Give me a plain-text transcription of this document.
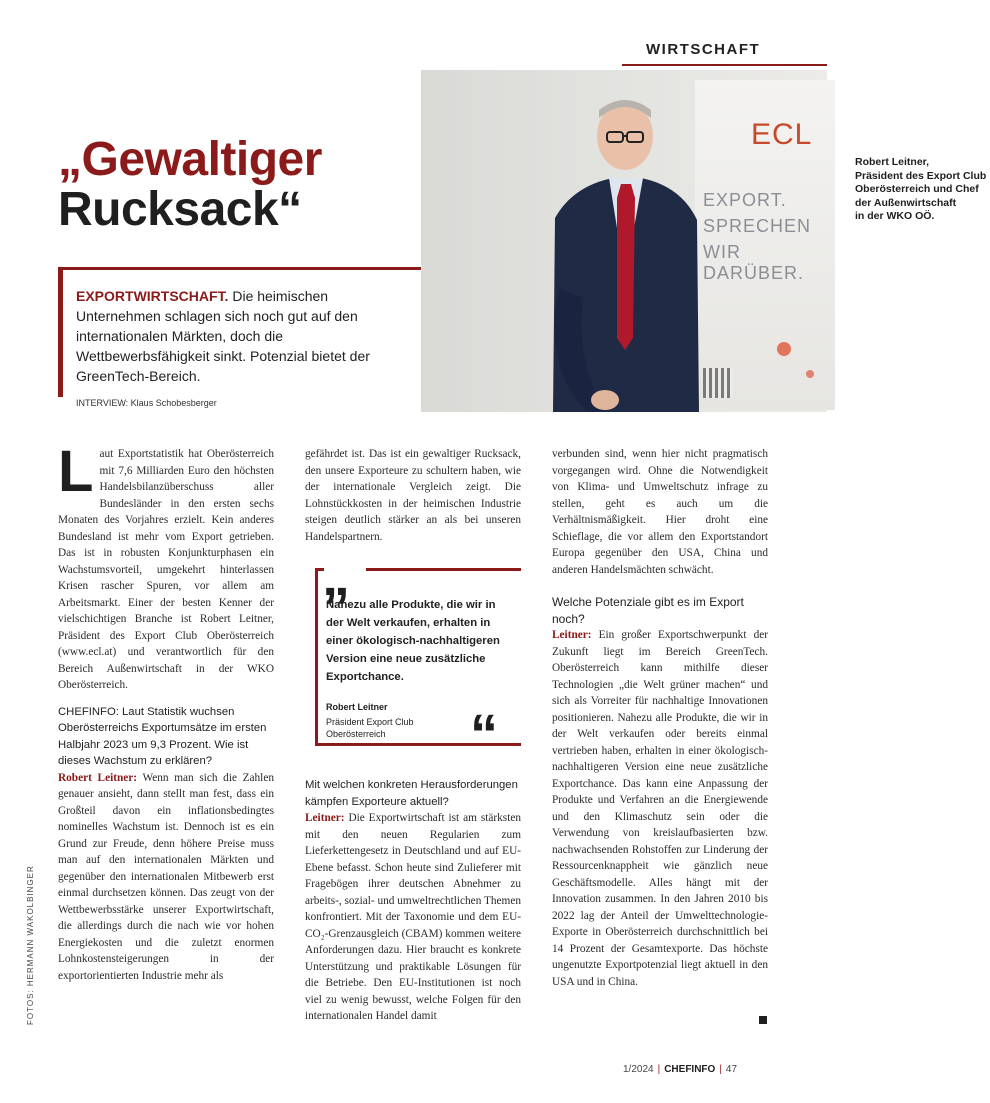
WIRTSCHAFT
ECL
EXPORT.
SPRECHEN
WIR DARÜBER.
Robert Leitner,
Präsident des Export Club
Oberösterreich und Chef
der Außenwirtschaft
in der WKO OÖ.
„Gewaltiger
Rucksack“
EXPORTWIRTSCHAFT. Die heimischen Unternehmen schlagen sich noch gut auf den internationalen Märkten, doch die Wettbewerbsfähigkeit sinkt. Potenzial bietet der GreenTech-Bereich.
INTERVIEW: Klaus Schobesberger

Laut Exportstatistik hat Oberösterreich mit 7,6 Milliarden Euro den höchsten Handelsbilanzüberschuss aller Bundesländer in den ersten sechs Monaten des Vorjahres erzielt. Kein anderes Bundesland ist mehr vom Export getrieben. Das ist in robusten Konjunkturphasen ein Wachstumsvorteil, umgekehrt hinterlassen Krisen rascher Spuren, vor allem am Arbeitsmarkt. Einer der besten Kenner der vielschichtigen Branche ist Robert Leitner, Präsident des Export Club Oberösterreich (www.ecl.at) und verantwortlich für den Bereich Außenwirtschaft in der WKO Oberösterreich.

CHEFINFO: Laut Statistik wuchsen Oberösterreichs Exportumsätze im ersten Halbjahr 2023 um 9,3 Prozent. Wie ist dieses Wachstum zu erklären?

Robert Leitner: Wenn man sich die Zahlen genauer ansieht, dann stellt man fest, dass ein Großteil davon ein inflationsbedingtes nominelles Wachstum ist. Dennoch ist es ein Grund zur Freude, denn höhere Preise muss man auf den internationalen Märkten und gegenüber den internationalen Mitbewerb erst einmal durchsetzen können. Das zeugt von der Wettbewerbsstärke unserer Exportwirtschaft, die allerdings durch die nach wie vor hohen Energiekosten und die zuletzt enormen Lohnkostensteigerungen in der exportorientierten Industrie mehr als

gefährdet ist. Das ist ein gewaltiger Rucksack, den unsere Exporteure zu schultern haben, wie der internationale Vergleich zeigt. Die Lohnstückkosten in der heimischen Industrie steigen deutlich stärker an als bei unseren Handelspartnern.

Mit welchen konkreten Herausforderungen kämpfen Exporteure aktuell?

Leitner: Die Exportwirtschaft ist am stärksten mit den neuen Regularien zum Lieferkettengesetz in Deutschland und auf EU-Ebene befasst. Schon heute sind Zulieferer mit Fragebögen ihrer deutschen Abnehmer zu arbeits-, sozial- und umweltrechtlichen Themen konfrontiert. Mit der Taxonomie und dem EU-CO₂-Grenzausgleich (CBAM) kommen weitere Anforderungen dazu. Hier braucht es konkrete Unterstützung und praktikable Lösungen für die Betriebe. Den EU-Institutionen ist noch viel zu wenig bewusst, welche Folgen für den internationalen Handel damit

„
“
Nahezu alle Produkte, die wir in der Welt verkaufen, erhalten in einer ökologisch-nachhaltigeren Version eine neue zusätzliche Exportchance.
Robert Leitner
Präsident Export Club Oberösterreich

verbunden sind, wenn hier nicht pragmatisch vorgegangen wird. Ohne die Notwendigkeit von Klima- und Umweltschutz infrage zu stellen, geht es auch um die Verhältnismäßigkeit. Hier droht eine Schieflage, die vor allem den Exportstandort Europa gegenüber den USA, China und anderen Handelsmächten schwächt.

Welche Potenziale gibt es im Export noch?

Leitner: Ein großer Exportschwerpunkt der Zukunft liegt im Bereich GreenTech. Oberösterreich kann mithilfe dieser Technologien „die Welt grüner machen“ und sich als Vorreiter für nachhaltige Innovationen positionieren. Nahezu alle Produkte, die wir in der Welt verkaufen oder bereits einmal vertrieben haben, erhalten in einer ökologisch-nachhaltigeren Version eine neue zusätzliche Exportchance. Das kann eine Anpassung der Produkte und Verfahren an die Energiewende und den Klimaschutz sein oder die Verwendung von kreislaufbasierten bzw. nachwachsenden Rohstoffen zur Linderung der Ressourcenknappheit wie gänzlich neue Geschäftsmodelle. Alles hängt mit der Innovation zusammen. In den Jahren 2010 bis 2022 lag der Anteil der Umwelttechnologie-Exporte in Oberösterreich durchschnittlich bei 14 Prozent der Gesamtexporte. Das höchste ungenutzte Exportpotenzial liegt aktuell in den USA und in China.

FOTOS: HERMANN WAKOLBINGER
1/2024 | CHEFINFO | 47
